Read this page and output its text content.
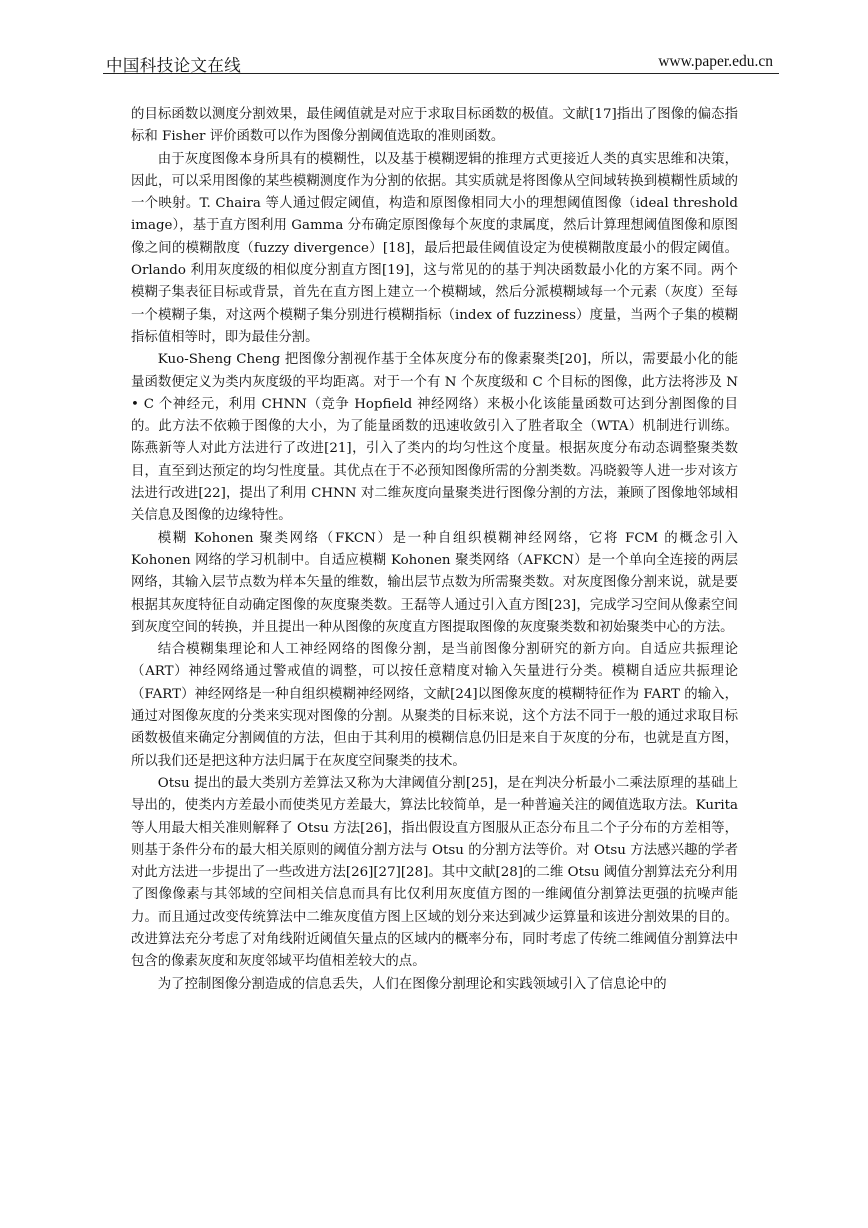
中国科技论文在线	www.paper.edu.cn

的目标函数以测度分割效果，最佳阈值就是对应于求取目标函数的极值。文献[17]指出了图像的偏态指标和 Fisher 评价函数可以作为图像分割阈值选取的准则函数。

由于灰度图像本身所具有的模糊性，以及基于模糊逻辑的推理方式更接近人类的真实思维和决策，因此，可以采用图像的某些模糊测度作为分割的依据。其实质就是将图像从空间域转换到模糊性质域的一个映射。T. Chaira 等人通过假定阈值，构造和原图像相同大小的理想阈值图像（ideal threshold image），基于直方图利用 Gamma 分布确定原图像每个灰度的隶属度，然后计算理想阈值图像和原图像之间的模糊散度（fuzzy divergence）[18]，最后把最佳阈值设定为使模糊散度最小的假定阈值。Orlando 利用灰度级的相似度分割直方图[19]，这与常见的的基于判决函数最小化的方案不同。两个模糊子集表征目标或背景，首先在直方图上建立一个模糊域，然后分派模糊域每一个元素（灰度）至每一个模糊子集，对这两个模糊子集分别进行模糊指标（index of fuzziness）度量，当两个子集的模糊指标值相等时，即为最佳分割。

Kuo-Sheng Cheng 把图像分割视作基于全体灰度分布的像素聚类[20]，所以，需要最小化的能量函数便定义为类内灰度级的平均距离。对于一个有 N 个灰度级和 C 个目标的图像，此方法将涉及 N • C 个神经元，利用 CHNN（竞争 Hopfield 神经网络）来极小化该能量函数可达到分割图像的目的。此方法不依赖于图像的大小，为了能量函数的迅速收敛引入了胜者取全（WTA）机制进行训练。陈燕新等人对此方法进行了改进[21]，引入了类内的均匀性这个度量。根据灰度分布动态调整聚类数目，直至到达预定的均匀性度量。其优点在于不必预知图像所需的分割类数。冯晓毅等人进一步对该方法进行改进[22]，提出了利用 CHNN 对二维灰度向量聚类进行图像分割的方法，兼顾了图像地邻域相关信息及图像的边缘特性。

模糊 Kohonen 聚类网络（FKCN）是一种自组织模糊神经网络，它将 FCM 的概念引入 Kohonen 网络的学习机制中。自适应模糊 Kohonen 聚类网络（AFKCN）是一个单向全连接的两层网络，其输入层节点数为样本矢量的维数，输出层节点数为所需聚类数。对灰度图像分割来说，就是要根据其灰度特征自动确定图像的灰度聚类数。王磊等人通过引入直方图[23]，完成学习空间从像素空间到灰度空间的转换，并且提出一种从图像的灰度直方图提取图像的灰度聚类数和初始聚类中心的方法。

结合模糊集理论和人工神经网络的图像分割，是当前图像分割研究的新方向。自适应共振理论（ART）神经网络通过警戒值的调整，可以按任意精度对输入矢量进行分类。模糊自适应共振理论（FART）神经网络是一种自组织模糊神经网络，文献[24]以图像灰度的模糊特征作为 FART 的输入，通过对图像灰度的分类来实现对图像的分割。从聚类的目标来说，这个方法不同于一般的通过求取目标函数极值来确定分割阈值的方法，但由于其利用的模糊信息仍旧是来自于灰度的分布，也就是直方图，所以我们还是把这种方法归属于在灰度空间聚类的技术。

Otsu 提出的最大类别方差算法又称为大津阈值分割[25]，是在判决分析最小二乘法原理的基础上导出的，使类内方差最小而使类见方差最大，算法比较简单，是一种普遍关注的阈值选取方法。Kurita 等人用最大相关准则解释了 Otsu 方法[26]，指出假设直方图服从正态分布且二个子分布的方差相等，则基于条件分布的最大相关原则的阈值分割方法与 Otsu 的分割方法等价。对 Otsu 方法感兴趣的学者对此方法进一步提出了一些改进方法[26][27][28]。其中文献[28]的二维 Otsu 阈值分割算法充分利用了图像像素与其邻域的空间相关信息而具有比仅利用灰度值方图的一维阈值分割算法更强的抗噪声能力。而且通过改变传统算法中二维灰度值方图上区域的划分来达到减少运算量和该进分割效果的目的。改进算法充分考虑了对角线附近阈值矢量点的区域内的概率分布，同时考虑了传统二维阈值分割算法中包含的像素灰度和灰度邻域平均值相差较大的点。

为了控制图像分割造成的信息丢失，人们在图像分割理论和实践领域引入了信息论中的
